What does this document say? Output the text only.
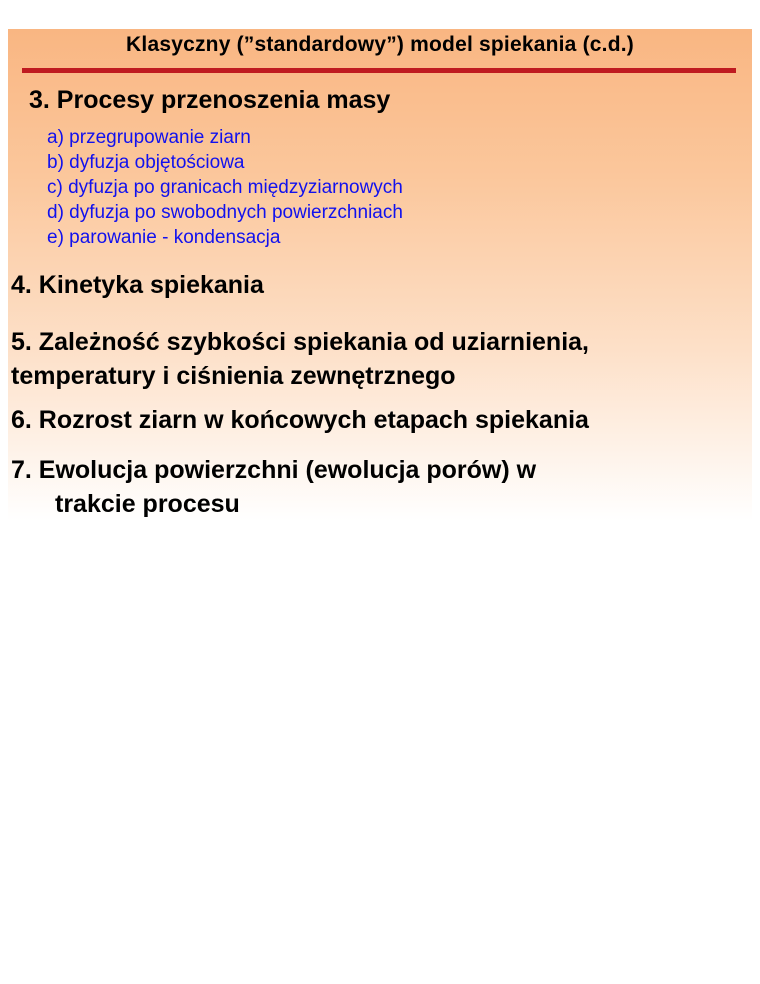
Klasyczny (”standardowy”) model spiekania (c.d.)
3. Procesy przenoszenia masy
a) przegrupowanie ziarn
b) dyfuzja objętościowa
c) dyfuzja po granicach międzyziarnowych
d) dyfuzja po swobodnych powierzchniach
e) parowanie - kondensacja
4. Kinetyka spiekania
5. Zależność szybkości spiekania od uziarnienia,
temperatury i ciśnienia zewnętrznego
6. Rozrost ziarn w końcowych etapach spiekania
7. Ewolucja powierzchni (ewolucja porów) w
trakcie procesu
